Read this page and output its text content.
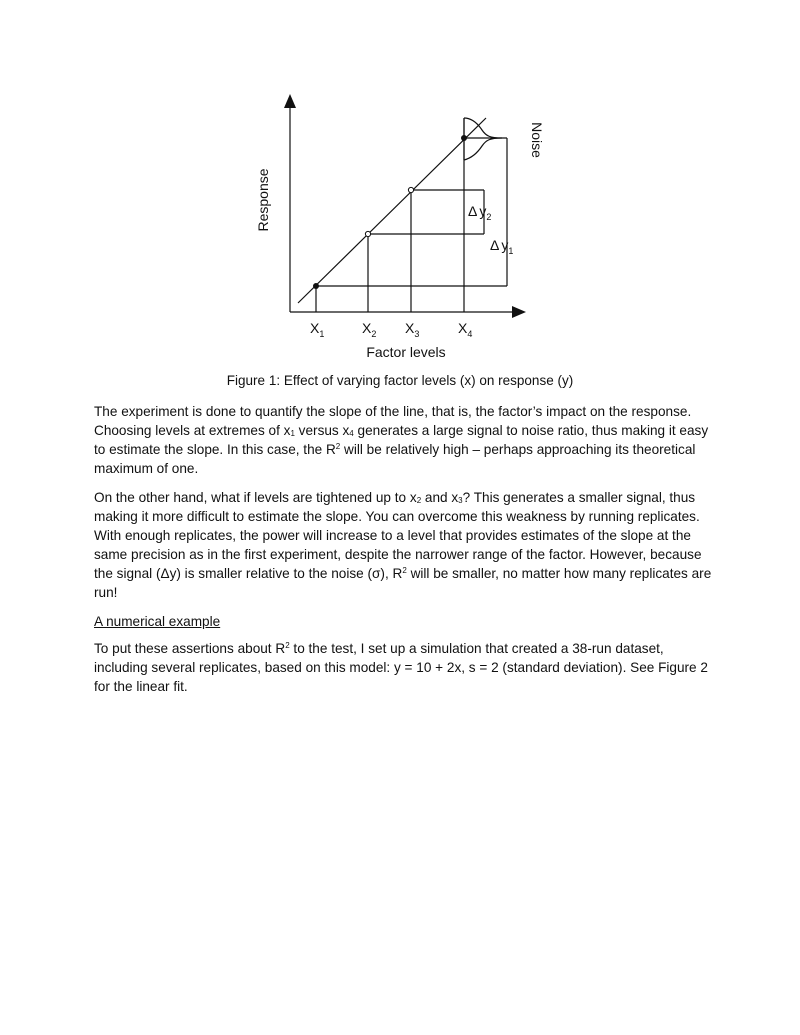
Response
Factor levels
Noise
Δ $y_2$
Δ $y_1$
$X_1$	$X_2$ $X_3$	$X_4$
Figure 1: Effect of varying factor levels (x) on response (y)

The experiment is done to quantify the slope of the line, that is, the factor’s impact on the response. Choosing levels at extremes of $x_1$ versus $x_4$ generates a large signal to noise ratio, thus making it easy to estimate the slope. In this case, the $R^2$ will be relatively high – perhaps approaching its theoretical maximum of one.

On the other hand, what if levels are tightened up to $x_2$ and $x_3$? This generates a smaller signal, thus making it more difficult to estimate the slope. You can overcome this weakness by running replicates. With enough replicates, the power will increase to a level that provides estimates of the slope at the same precision as in the first experiment, despite the narrower range of the factor. However, because the signal (Δy) is smaller relative to the noise (σ), $R^2$ will be smaller, no matter how many replicates are run!

A numerical example

To put these assertions about $R^2$ to the test, I set up a simulation that created a 38-run dataset, including several replicates, based on this model: y = 10 + 2x, s = 2 (standard deviation). See Figure 2 for the linear fit.
